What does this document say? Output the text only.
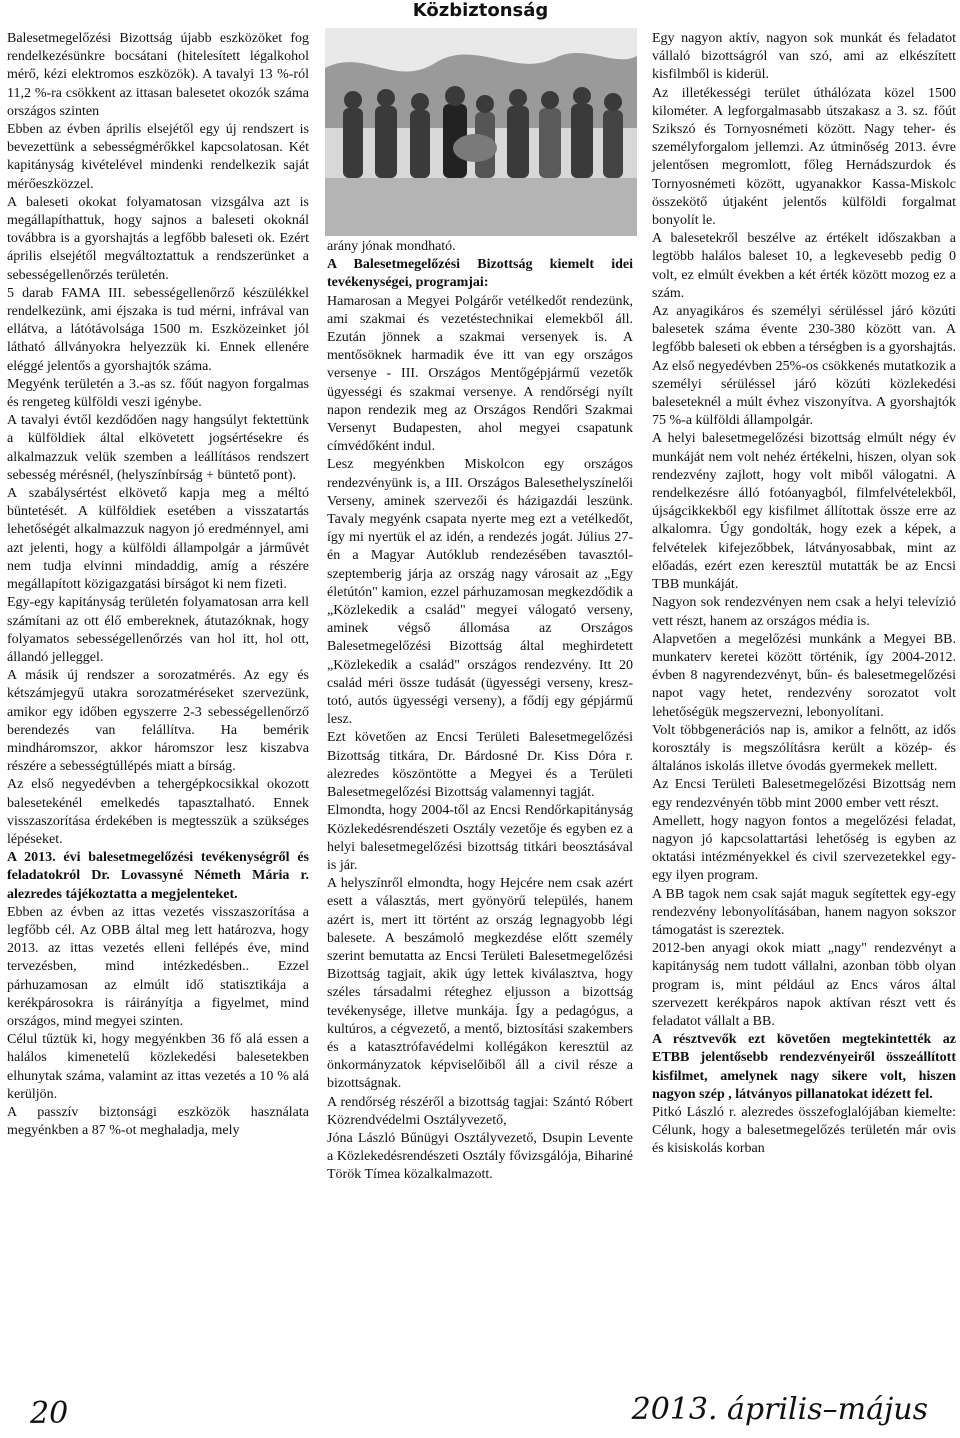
Közbiztonság

Balesetmegelőzési Bizottság újabb eszközöket fog rendelkezésünkre bocsátani (hitelesített légalkohol mérő, kézi elektromos eszközök). A tavalyi 13 %-ról 11,2 %-ra csökkent az ittasan balesetet okozók száma országos szinten

Ebben az évben április elsejétől egy új rendszert is bevezettünk a sebességmérőkkel kapcsolatosan. Két kapitányság kivételével mindenki rendelkezik saját mérőeszközzel.

A baleseti okokat folyamatosan vizsgálva azt is megállapíthattuk, hogy sajnos a baleseti okoknál továbbra is a gyorshajtás a legfőbb baleseti ok. Ezért április elsejétől megváltoztattuk a rendszerünket a sebességellenőrzés területén.

5 darab FAMA III. sebességellenőrző készülékkel rendelkezünk, ami éjszaka is tud mérni, infrával van ellátva, a látótávolsága 1500 m. Eszközeinket jól látható állványokra helyezzük ki. Ennek ellenére eléggé jelentős a gyorshajtók száma.

Megyénk területén a 3.-as sz. főút nagyon forgalmas és rengeteg külföldi veszi igénybe.

A tavalyi évtől kezdődően nagy hangsúlyt fektettünk a külföldiek által elkövetett jogsértésekre és alkalmazzuk velük szemben a leállításos rendszert sebesség mérésnél, (helyszínbírság + büntető pont).

A szabálysértést elkövető kapja meg a méltó büntetését. A külföldiek esetében a visszatartás lehetőségét alkalmazzuk nagyon jó eredménnyel, ami azt jelenti, hogy a külföldi állampolgár a járművét nem tudja elvinni mindaddig, amíg a részére megállapított közigazgatási bírságot ki nem fizeti.

Egy-egy kapitányság területén folyamatosan arra kell számítani az ott élő embereknek, átutazóknak, hogy folyamatos sebességellenőrzés van hol itt, hol ott, állandó jelleggel.

A másik új rendszer a sorozatmérés. Az egy és kétszámjegyű utakra sorozatméréseket szervezünk, amikor egy időben egyszerre 2-3 sebességellenőrző berendezés van felállítva. Ha bemérik mindháromszor, akkor háromszor lesz kiszabva részére a sebességtúllépés miatt a bírság.

Az első negyedévben a tehergépkocsikkal okozott balesetekénél emelkedés tapasztalható. Ennek visszaszorítása érdekében is megtesszük a szükséges lépéseket.

A 2013. évi balesetmegelőzési tevékenységről és feladatokról Dr. Lovassyné Németh Mária r. alezredes tájékoztatta a megjelenteket.

Ebben az évben az ittas vezetés visszaszorítása a legfőbb cél. Az OBB által meg lett határozva, hogy 2013. az ittas vezetés elleni fellépés éve, mind tervezésben, mind intézkedésben.. Ezzel párhuzamosan az elmúlt idő statisztikája a kerékpárosokra is ráirányítja a figyelmet, mind országos, mind megyei szinten.

Célul tűztük ki, hogy megyénkben 36 fő alá essen a halálos kimenetelű közlekedési balesetekben elhunytak száma, valamint az ittas vezetés a 10 % alá kerüljön.

A passzív biztonsági eszközök használata megyénkben a 87 %-ot meghaladja, mely

arány jónak mondható.

A Balesetmegelőzési Bizottság kiemelt idei tevékenységei, programjai:

Hamarosan a Megyei Polgárőr vetélkedőt rendezünk, ami szakmai és vezetéstechnikai elemekből áll. Ezután jönnek a szakmai versenyek is. A mentősöknek harmadik éve itt van egy országos versenye - III. Országos Mentőgépjármű vezetők ügyességi és szakmai versenye. A rendőrségi nyílt napon rendezik meg az Országos Rendőri Szakmai Versenyt Budapesten, ahol megyei csapatunk címvédőként indul.

Lesz megyénkben Miskolcon egy országos rendezvényünk is, a III. Országos Balesethelyszínelői Verseny, aminek szervezői és házigazdái leszünk. Tavaly megyénk csapata nyerte meg ezt a vetélkedőt, így mi nyertük el az idén, a rendezés jogát. Július 27-én a Magyar Autóklub rendezésében tavasztól-szeptemberig járja az ország nagy városait az „Egy életútón" kamion, ezzel párhuzamosan megkezdődik a „Közlekedik a család" megyei válogató verseny, aminek végső állomása az Országos Balesetmegelőzési Bizottság által meghirdetett „Közlekedik a család" országos rendezvény. Itt 20 család méri össze tudását (ügyességi verseny, kresz-totó, autós ügyességi verseny), a fődíj egy gépjármű lesz.

Ezt követően az Encsi Területi Balesetmegelőzési Bizottság titkára, Dr. Bárdosné Dr. Kiss Dóra r. alezredes köszöntötte a Megyei és a Területi Balesetmegelőzési Bizottság valamennyi tagját.

Elmondta, hogy 2004-től az Encsi Rendőrkapitányság Közlekedésrendészeti Osztály vezetője és egyben ez a helyi balesetmegelőzési bizottság titkári beosztásával is jár.

A helyszínről elmondta, hogy Hejcére nem csak azért esett a választás, mert gyönyörű település, hanem azért is, mert itt történt az ország legnagyobb légi balesete. A beszámoló megkezdése előtt személy szerint bemutatta az Encsi Területi Balesetmegelőzési Bizottság tagjait, akik úgy lettek kiválasztva, hogy széles társadalmi réteghez eljusson a bizottság tevékenysége, illetve munkája. Így a pedagógus, a kultúros, a cégvezető, a mentő, biztosítási szakembers és a katasztrófavédelmi kollégákon keresztül az önkormányzatok képviselőiből áll a civil része a bizottságnak.

A rendőrség részéről a bizottság tagjai: Szántó Róbert Közrendvédelmi Osztályvezető,

Jóna László Bűnügyi Osztályvezető, Dsupin Levente a Közlekedésrendészeti Osztály fővizsgálója, Bihariné Török Tímea közalkalmazott.

Egy nagyon aktív, nagyon sok munkát és feladatot vállaló bizottságról van szó, ami az elkészített kisfilmből is kiderül.

Az illetékességi terület úthálózata közel 1500 kilométer. A legforgalmasabb útszakasz a 3. sz. főút Szikszó és Tornyosnémeti között. Nagy teher- és személyforgalom jellemzi. Az útminőség 2013. évre jelentősen megromlott, főleg Hernádszurdok és Tornyosnémeti között, ugyanakkor Kassa-Miskolc összekötő útjaként jelentős külföldi forgalmat bonyolít le.

A balesetekről beszélve az értékelt időszakban a legtöbb halálos baleset 10, a legkevesebb pedig 0 volt, ez elmúlt években a két érték között mozog ez a szám.

Az anyagikáros és személyi sérüléssel járó közúti balesetek száma évente 230-380 között van. A legfőbb baleseti ok ebben a térségben is a gyorshajtás. Az első negyedévben 25%-os csökkenés mutatkozik a személyi sérüléssel járó közúti közlekedési baleseteknél a múlt évhez viszonyítva. A gyorshajtók 75 %-a külföldi állampolgár.

A helyi balesetmegelőzési bizottság elmúlt négy év munkáját nem volt nehéz értékelni, hiszen, olyan sok rendezvény zajlott, hogy volt miből válogatni. A rendelkezésre álló fotóanyagból, filmfelvételekből, újságcikkekből egy kisfilmet állítottak össze erre az alkalomra. Úgy gondolták, hogy ezek a képek, a felvételek kifejezőbbek, látványosabbak, mint az előadás, ezért ezen keresztül mutatták be az Encsi TBB munkáját.

Nagyon sok rendezvényen nem csak a helyi televízió vett részt, hanem az országos média is.

Alapvetően a megelőzési munkánk a Megyei BB. munkaterv keretei között történik, így 2004-2012. évben 8 nagyrendezvényt, bűn- és balesetmegelőzési napot vagy hetet, rendezvény sorozatot volt lehetőségük megszervezni, lebonyolítani.

Volt többgenerációs nap is, amikor a felnőtt, az idős korosztály is megszólításra került a közép- és általános iskolás illetve óvodás gyermekek mellett.

Az Encsi Területi Balesetmegelőzési Bizottság nem egy rendezvényén több mint 2000 ember vett részt.

Amellett, hogy nagyon fontos a megelőzési feladat, nagyon jó kapcsolattartási lehetőség is egyben az oktatási intézményekkel és civil szervezetekkel egy-egy ilyen program.

A BB tagok nem csak saját maguk segítettek egy-egy rendezvény lebonyolításában, hanem nagyon sokszor támogatást is szereztek.

2012-ben anyagi okok miatt „nagy" rendezvényt a kapitányság nem tudott vállalni, azonban több olyan program is, mint például az Encs város által szervezett kerékpáros napok aktívan részt vett és feladatot vállalt a BB.

A résztvevők ezt követően megtekintették az ETBB jelentősebb rendezvényeiről összeállított kisfilmet, amelynek nagy sikere volt, hiszen nagyon szép , látványos pillanatokat idézett fel.

Pitkó László r. alezredes összefoglalójában kiemelte: Célunk, hogy a balesetmegelőzés területén már ovis és kisiskolás korban

20	2013. április–május
